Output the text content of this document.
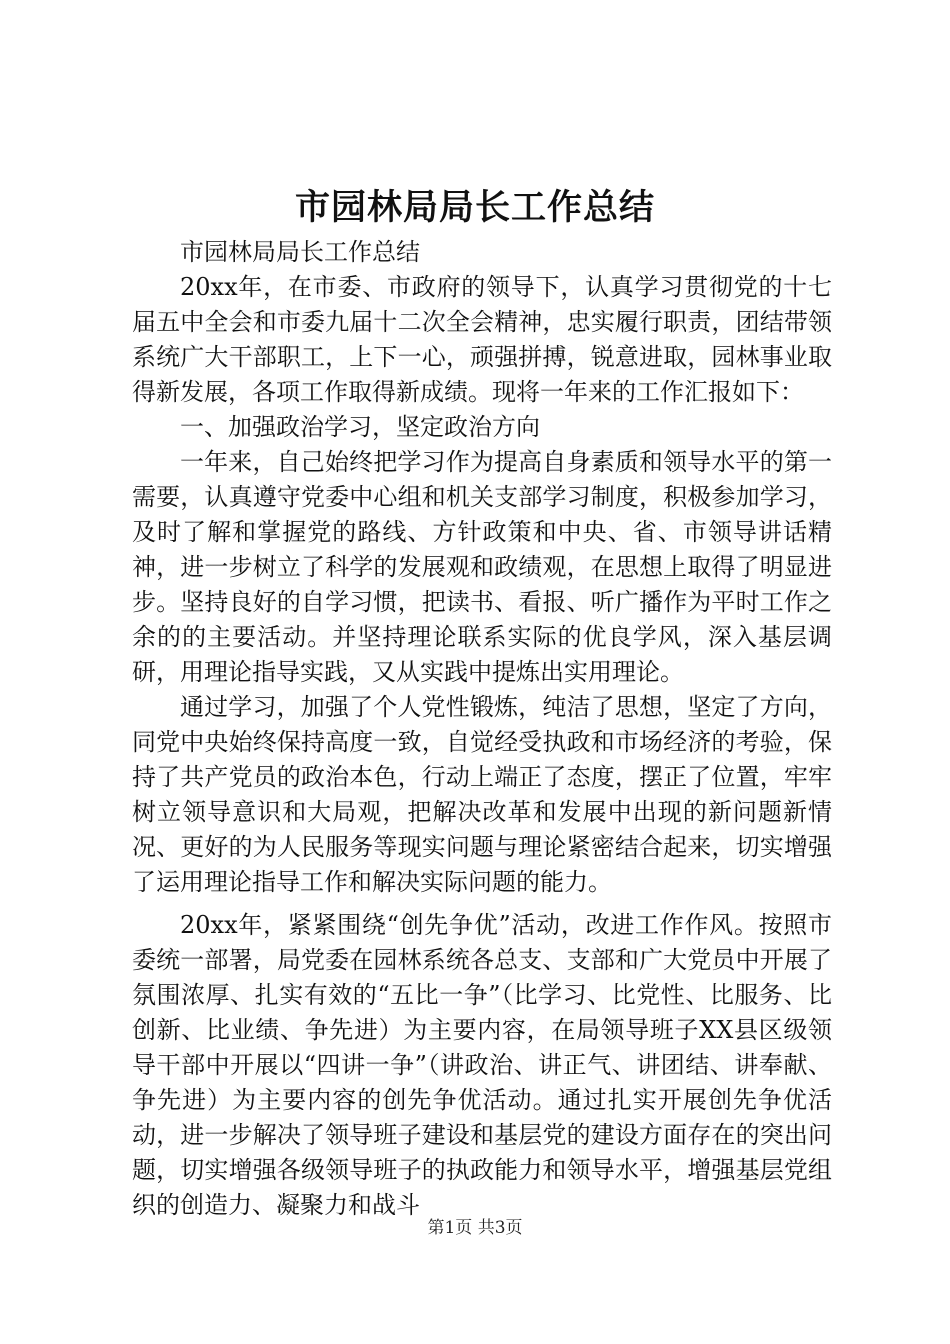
市园林局局长工作总结

市园林局局长工作总结

20xx年，在市委、市政府的领导下，认真学习贯彻党的十七届五中全会和市委九届十二次全会精神，忠实履行职责，团结带领系统广大干部职工，上下一心，顽强拼搏，锐意进取，园林事业取得新发展，各项工作取得新成绩。现将一年来的工作汇报如下：

一、加强政治学习，坚定政治方向

一年来，自己始终把学习作为提高自身素质和领导水平的第一需要，认真遵守党委中心组和机关支部学习制度，积极参加学习，及时了解和掌握党的路线、方针政策和中央、省、市领导讲话精神，进一步树立了科学的发展观和政绩观，在思想上取得了明显进步。坚持良好的自学习惯，把读书、看报、听广播作为平时工作之余的的主要活动。并坚持理论联系实际的优良学风，深入基层调研，用理论指导实践，又从实践中提炼出实用理论。

通过学习，加强了个人党性锻炼，纯洁了思想，坚定了方向，同党中央始终保持高度一致，自觉经受执政和市场经济的考验，保持了共产党员的政治本色，行动上端正了态度，摆正了位置，牢牢树立领导意识和大局观，把解决改革和发展中出现的新问题新情况、更好的为人民服务等现实问题与理论紧密结合起来，切实增强了运用理论指导工作和解决实际问题的能力。

20xx年，紧紧围绕“创先争优”活动，改进工作作风。按照市委统一部署，局党委在园林系统各总支、支部和广大党员中开展了氛围浓厚、扎实有效的“五比一争”（比学习、比党性、比服务、比创新、比业绩、争先进）为主要内容，在局领导班子XX县区级领导干部中开展以“四讲一争”（讲政治、讲正气、讲团结、讲奉献、争先进）为主要内容的创先争优活动。通过扎实开展创先争优活动，进一步解决了领导班子建设和基层党的建设方面存在的突出问题，切实增强各级领导班子的执政能力和领导水平，增强基层党组织的创造力、凝聚力和战斗

第1页 共3页
